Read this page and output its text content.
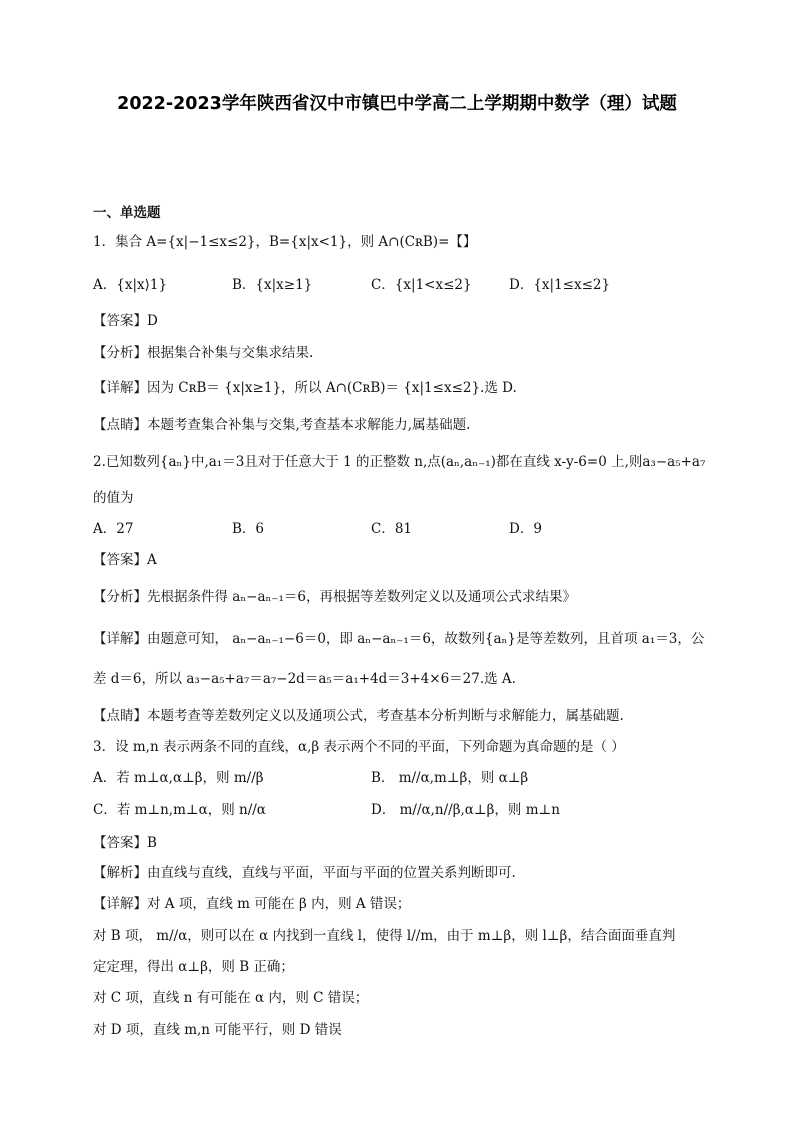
2022-2023学年陕西省汉中市镇巴中学高二上学期期中数学（理）试题
一、单选题
1．集合 A={x|−1≤x≤2}，B={x|x<1}，则 A∩(CʀB)=【】
A．{x|x⟩1}	B．{x|x≥1}	C．{x|1<x≤2}	D．{x|1≤x≤2}
【答案】D
【分析】根据集合补集与交集求结果.
【详解】因为 CʀB＝ {x|x≥1}，所以 A∩(CʀB)＝ {x|1≤x≤2}.选 D.
【点睛】本题考查集合补集与交集,考查基本求解能力,属基础题.
2.已知数列{aₙ}中,a₁＝3且对于任意大于 1 的正整数 n,点(aₙ,aₙ₋₁)都在直线 x-y-6=0 上,则a₃−a₅+a₇
的值为
A．27	B．6	C．81	D．9
【答案】A
【分析】先根据条件得 aₙ−aₙ₋₁＝6，再根据等差数列定义以及通项公式求结果》
【详解】由题意可知， aₙ−aₙ₋₁−6＝0，即 aₙ−aₙ₋₁＝6，故数列{aₙ}是等差数列，且首项 a₁＝3，公
差 d＝6，所以 a₃−a₅+a₇＝a₇−2d＝a₅＝a₁+4d＝3+4×6＝27.选 A.
【点睛】本题考查等差数列定义以及通项公式，考查基本分析判断与求解能力，属基础题.
3．设 m,n 表示两条不同的直线，α,β 表示两个不同的平面，下列命题为真命题的是（ ）
A．若 m⊥α,α⊥β，则 m//β	B． m//α,m⊥β，则 α⊥β
C．若 m⊥n,m⊥α，则 n//α	D． m//α,n//β,α⊥β，则 m⊥n
【答案】B
【解析】由直线与直线，直线与平面，平面与平面的位置关系判断即可.
【详解】对 A 项，直线 m 可能在 β 内，则 A 错误；
对 B 项， m//α，则可以在 α 内找到一直线 l，使得 l//m，由于 m⊥β，则 l⊥β，结合面面垂直判
定定理，得出 α⊥β，则 B 正确；
对 C 项，直线 n 有可能在 α 内，则 C 错误；
对 D 项，直线 m,n 可能平行，则 D 错误
